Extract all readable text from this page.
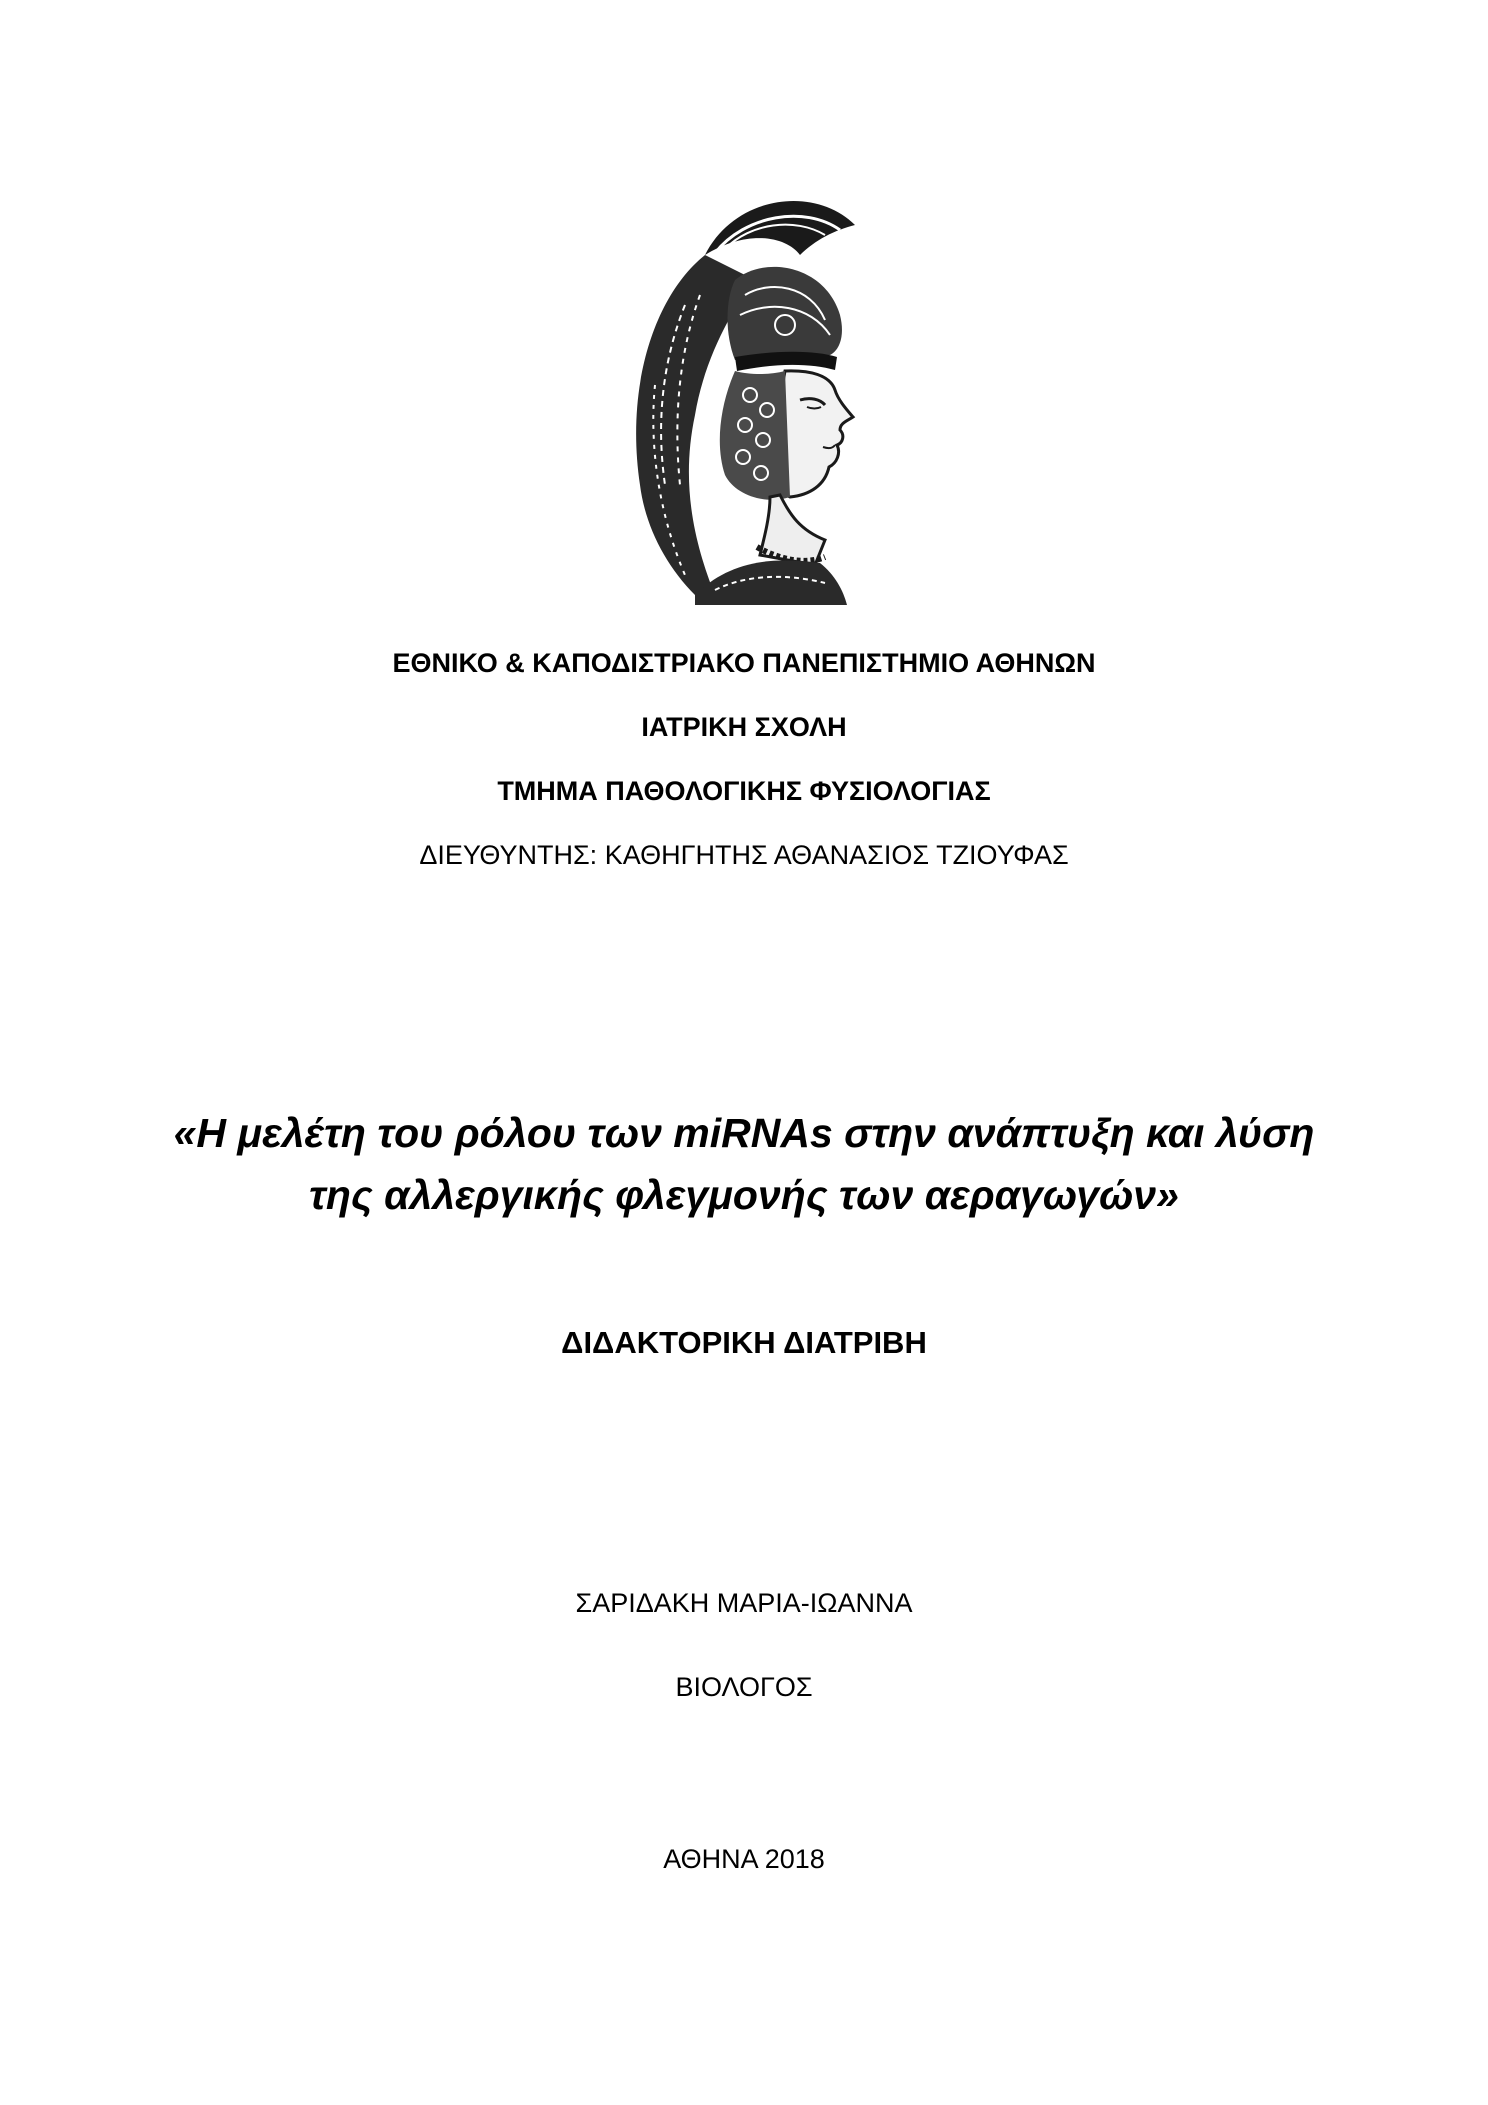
ΕΘΝΙΚΟ & ΚΑΠΟΔΙΣΤΡΙΑΚΟ ΠΑΝΕΠΙΣΤΗΜΙΟ ΑΘΗΝΩΝ
ΙΑΤΡΙΚΗ ΣΧΟΛΗ
ΤΜΗΜΑ ΠΑΘΟΛΟΓΙΚΗΣ ΦΥΣΙΟΛΟΓΙΑΣ
ΔΙΕΥΘΥΝΤΗΣ: ΚΑΘΗΓΗΤΗΣ ΑΘΑΝΑΣΙΟΣ ΤΖΙΟΥΦΑΣ
«Η μελέτη του ρόλου των miRNAs στην ανάπτυξη και λύση
της αλλεργικής φλεγμονής των αεραγωγών»
ΔΙΔΑΚΤΟΡΙΚΗ ΔΙΑΤΡΙΒΗ
ΣΑΡΙΔΑΚΗ ΜΑΡΙΑ-ΙΩΑΝΝΑ
ΒΙΟΛΟΓΟΣ
ΑΘΗΝΑ 2018
